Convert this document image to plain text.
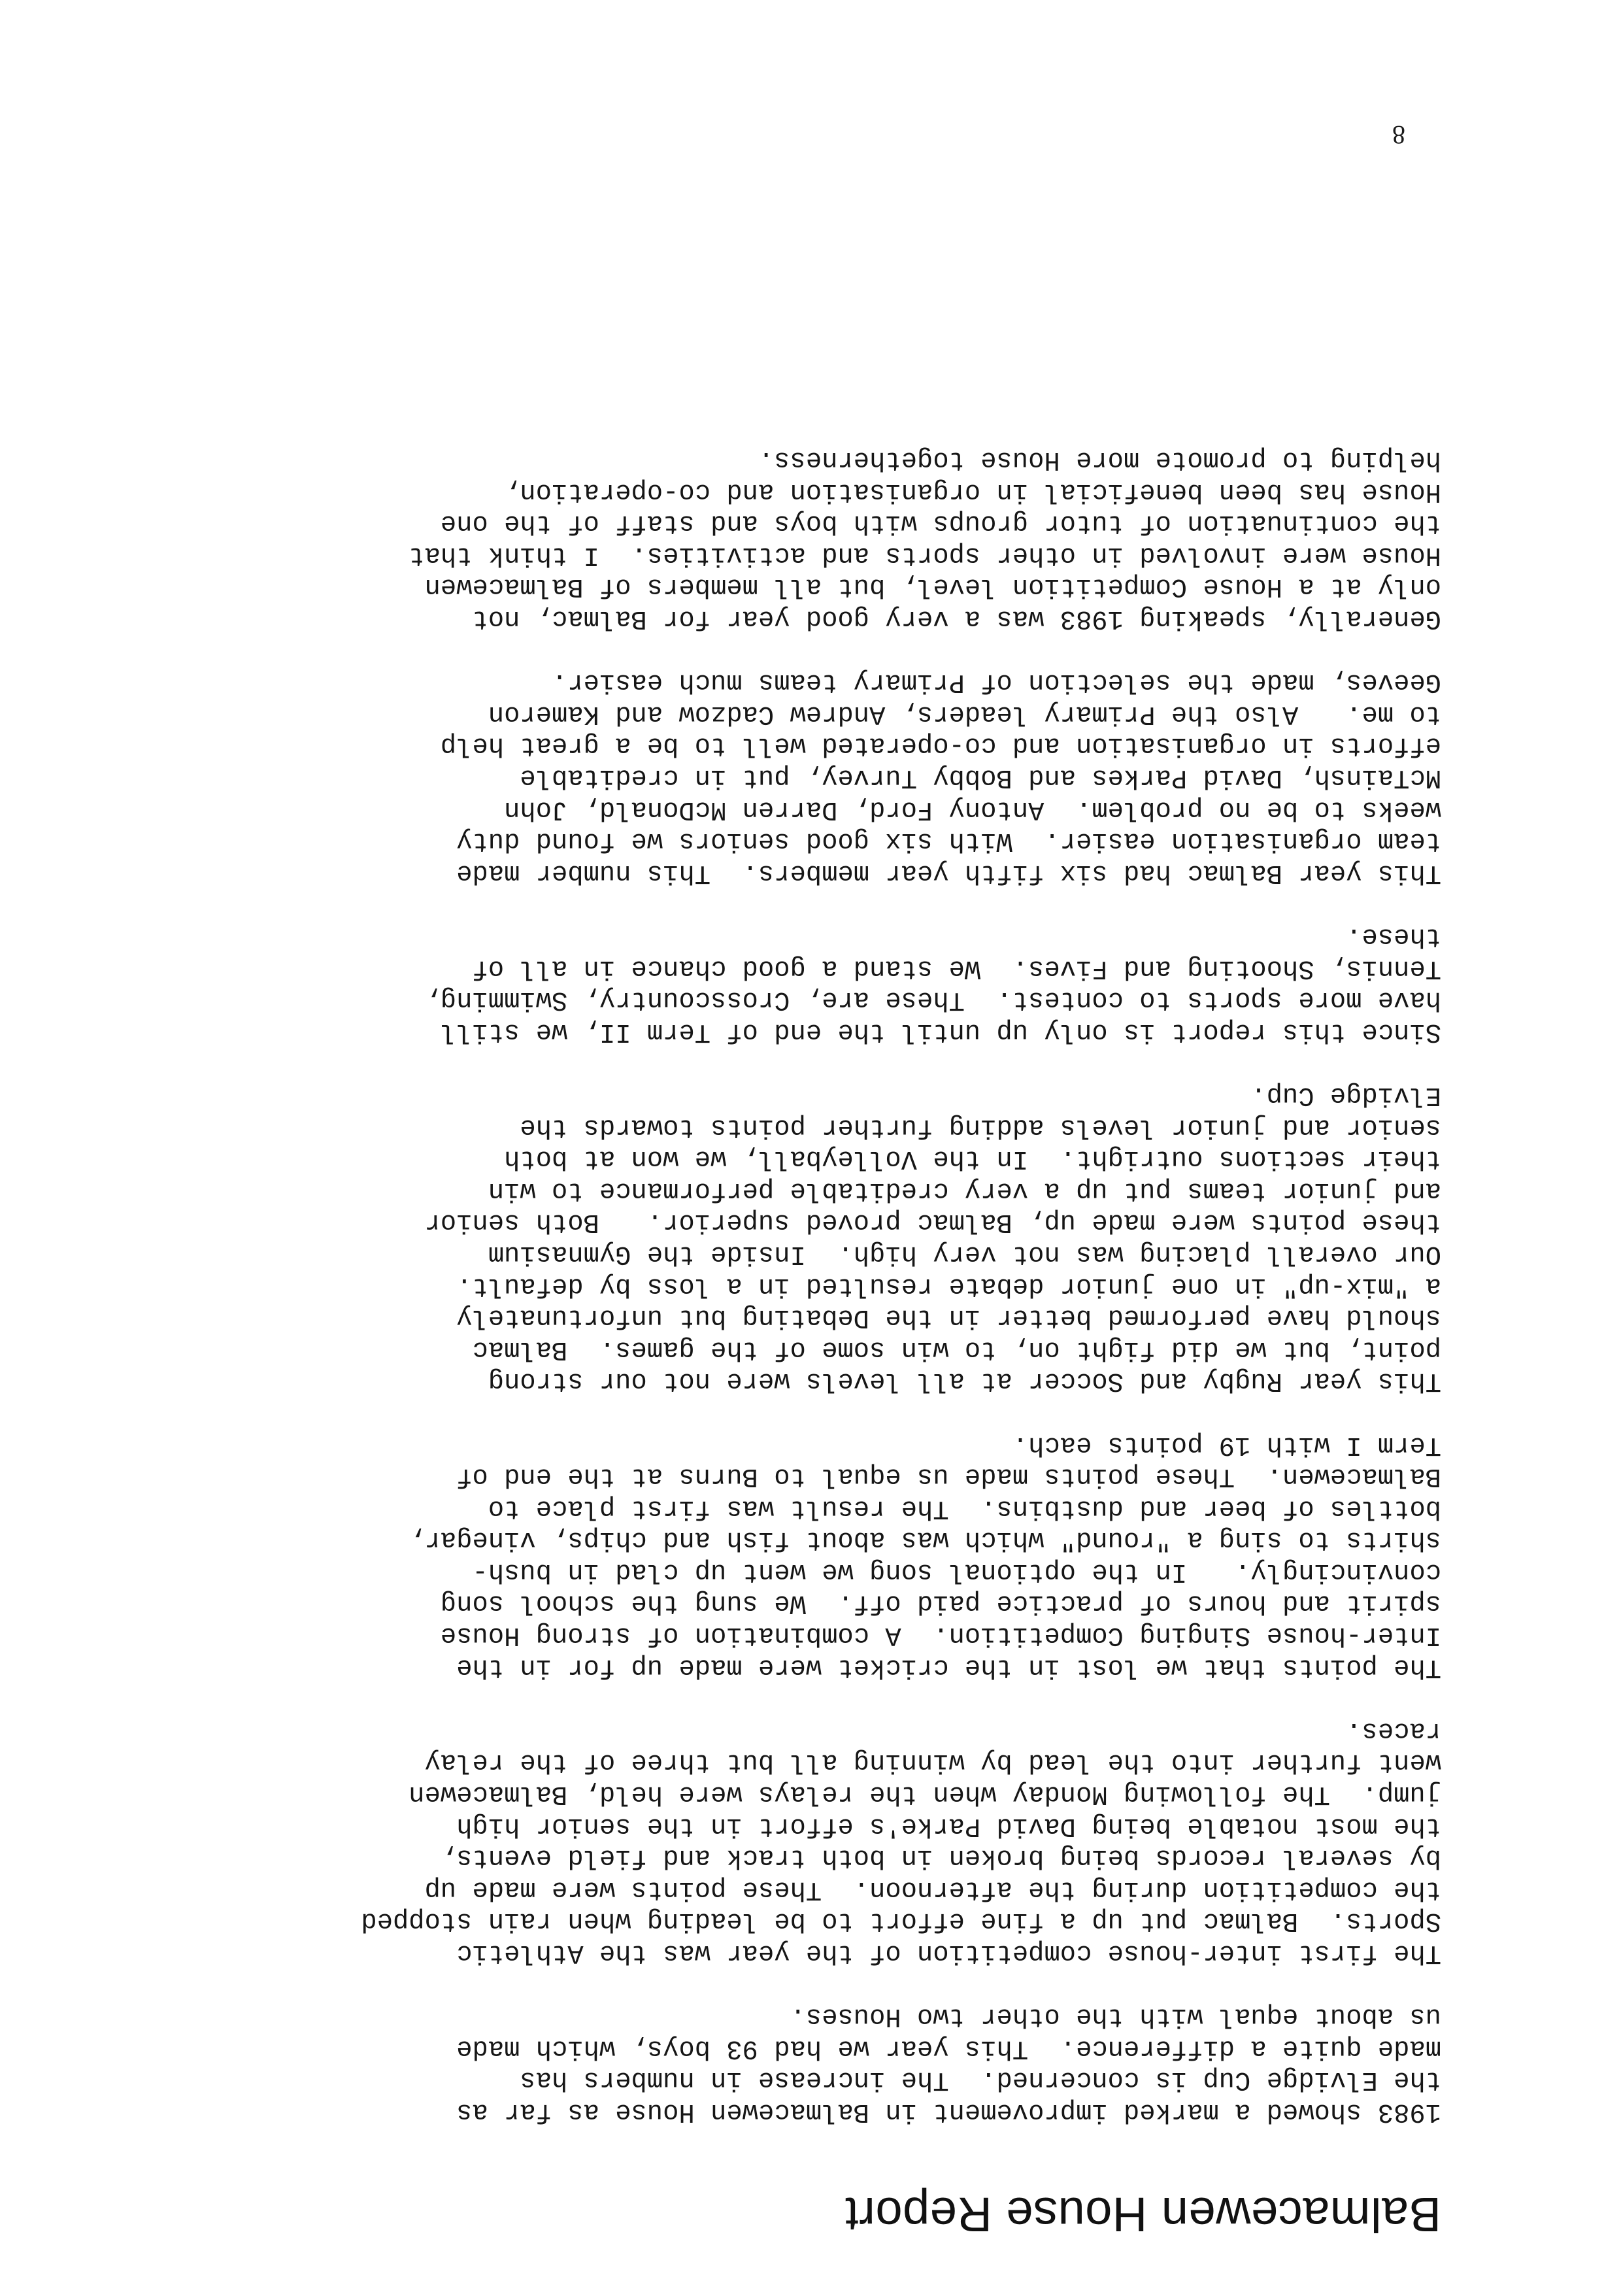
Balmacewen House Report
1983 showed a marked improvement in Balmacewen House as far as
the Elvidge Cup is concerned.  The increase in numbers has
made quite a difference.  This year we had 93 boys, which made
us about equal with the other two Houses.
The first inter-house competition of the year was the Athletic
Sports.  Balmac put up a fine effort to be leading when rain stopped
the competition during the afternoon.  These points were made up
by several records being broken in both track and field events,
the most notable being David Parke's effort in the senior high
jump.  The following Monday when the relays were held, Balmacewen
went further into the lead by winning all but three of the relay
races.
The points that we lost in the cricket were made up for in the
Inter-house Singing Competition.  A combination of strong House
spirit and hours of practice paid off.  We sung the school song
convincingly.   In the optional song we went up clad in bush-
shirts to sing a "round" which was about fish and chips, vinegar,
bottles of beer and dustbins.  The result was first place to
Balmacewen.  These points made us equal to Burns at the end of
Term I with 19 points each.
This year Rugby and Soccer at all levels were not our strong
point, but we did fight on, to win some of the games.  Balmac
should have performed better in the Debating but unfortunately
a "mix-up" in one junior debate resulted in a loss by default.
Our overall placing was not very high.  Inside the Gymnasium
these points were made up, Balmac proved superior.   Both senior
and junior teams put up a very creditable performance to win
their sections outright.  In the Volleyball, we won at both
senior and junior levels adding further points towards the
Elvidge Cup.
Since this report is only up until the end of Term II, we still
have more sports to contest.  These are, Crosscountry, Swimming,
Tennis, Shooting and Fives.  We stand a good chance in all of
these.
This year Balmac had six fifth year members.  This number made
team organisation easier.  With six good seniors we found duty
weeks to be no problem.  Antony Ford, Darren McDonald, John
McTainsh, David Parkes and Bobby Turvey, put in creditable
efforts in organisation and co-operated well to be a great help
to me.   Also the Primary leaders, Andrew Cadzow and Kameron
Geeves, made the selection of Primary teams much easier.
Generally, speaking 1983 was a very good year for Balmac, not
only at a House Competition level, but all members of Balmacewen
House were involved in other sports and activities.  I think that
the continuation of tutor groups with boys and staff of the one
House has been beneficial in organisation and co-operation,
helping to promote more House togetherness.
8
